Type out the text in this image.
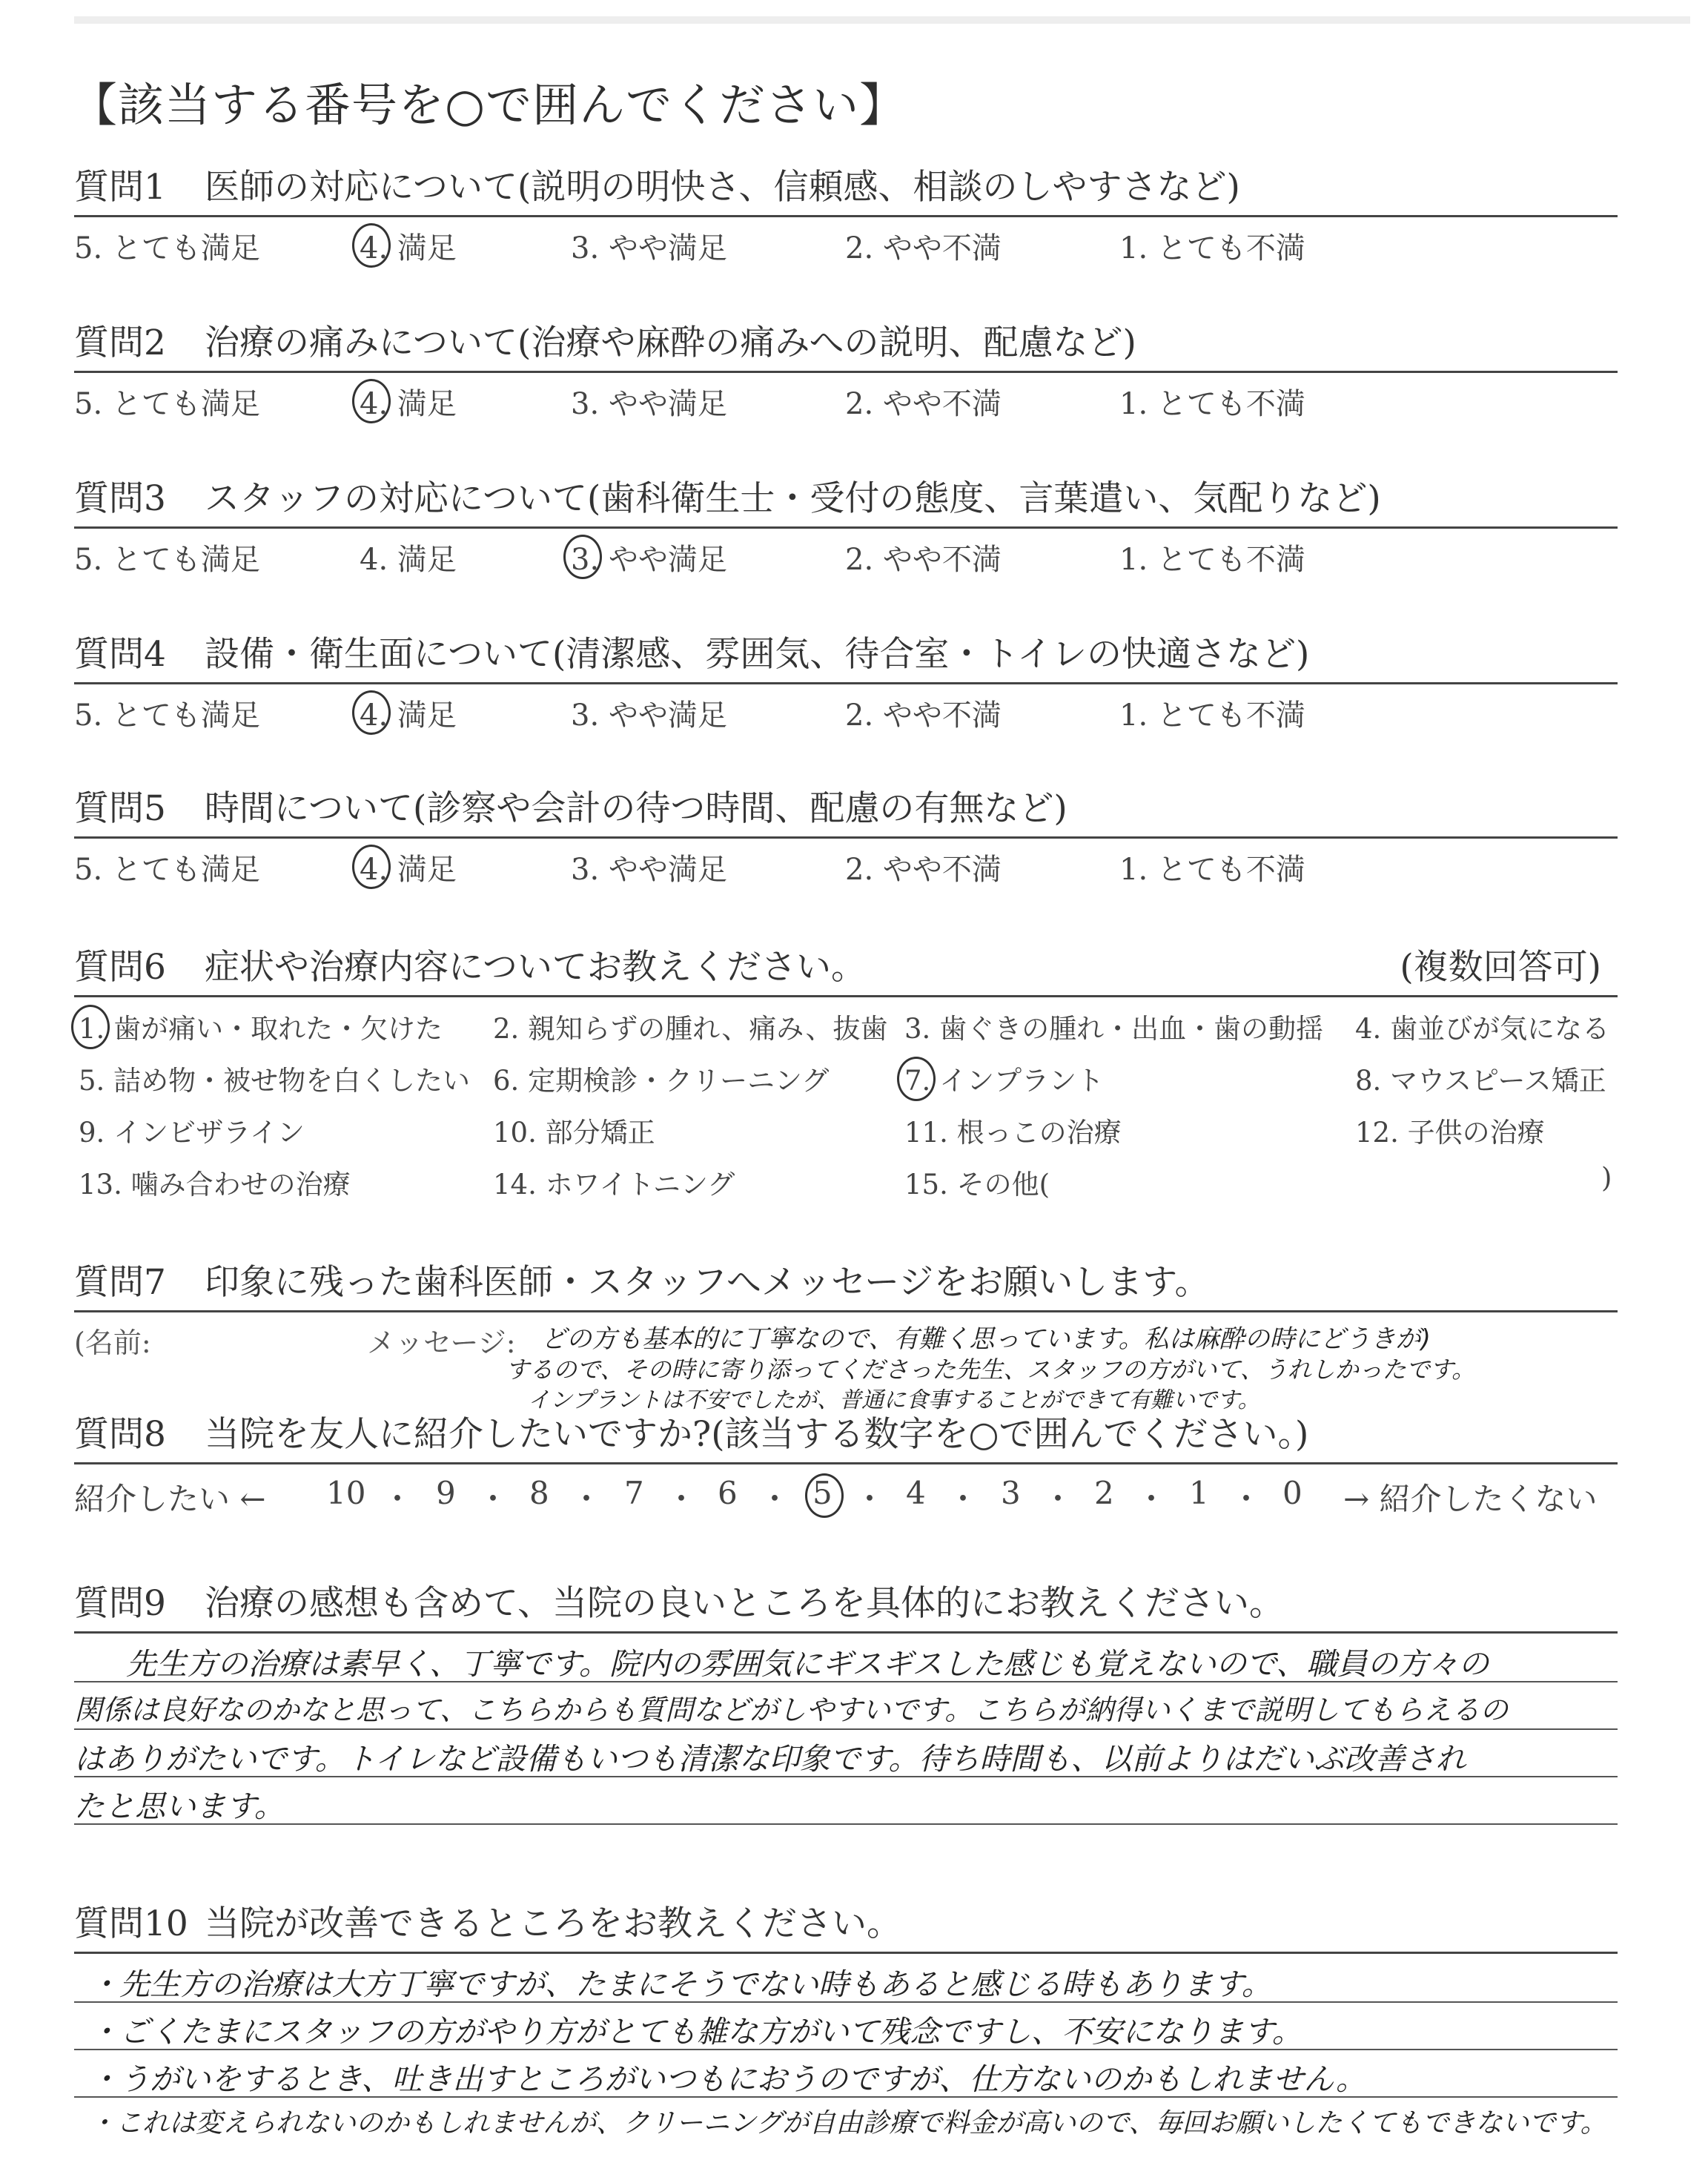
【該当する番号を○で囲んでください】
質問1 医師の対応について(説明の明快さ、信頼感、相談のしやすさなど)
5. とても満足	4. 満足	3. やや満足	2. やや不満	1. とても不満
質問2 治療の痛みについて(治療や麻酔の痛みへの説明、配慮など)
5. とても満足	4. 満足	3. やや満足	2. やや不満	1. とても不満
質問3 スタッフの対応について(歯科衛生士・受付の態度、言葉遣い、気配りなど)
5. とても満足	4. 満足	3. やや満足	2. やや不満	1. とても不満
質問4 設備・衛生面について(清潔感、雰囲気、待合室・トイレの快適さなど)
5. とても満足	4. 満足	3. やや満足	2. やや不満	1. とても不満
質問5 時間について(診察や会計の待つ時間、配慮の有無など)
5. とても満足	4. 満足	3. やや満足	2. やや不満	1. とても不満
質問6 症状や治療内容についてお教えください。	(複数回答可)
1. 歯が痛い・取れた・欠けた 2. 親知らずの腫れ、痛み、抜歯 3. 歯ぐきの腫れ・出血・歯の動揺 4. 歯並びが気になる
5. 詰め物・被せ物を白くしたい 6. 定期検診・クリーニング	7. インプラント	8. マウスピース矯正
9. インビザライン	10. 部分矯正	11. 根っこの治療	12. 子供の治療
13. 噛み合わせの治療	14. ホワイトニング	15. その他(	)
質問7 印象に残った歯科医師・スタッフへメッセージをお願いします。
(名前:	メッセージ: どの方も基本的に丁寧なので、有難く思っています。私は麻酔の時にどうきが)
するので、その時に寄り添ってくださった先生、スタッフの方がいて、うれしかったです。
インプラントは不安でしたが、普通に食事することができて有難いです。
質問8 当院を友人に紹介したいですか?(該当する数字を○で囲んでください。)
紹介したい ← 10 ・ 9 ・ 8 ・ 7 ・ 6 ・ 5 ・ 4 ・ 3 ・ 2 ・ 1 ・ 0 → 紹介したくない
質問9 治療の感想も含めて、当院の良いところを具体的にお教えください。
先生方の治療は素早く、丁寧です。院内の雰囲気にギスギスした感じも覚えないので、職員の方々の
関係は良好なのかなと思って、こちらからも質問などがしやすいです。こちらが納得いくまで説明してもらえるの
はありがたいです。トイレなど設備もいつも清潔な印象です。待ち時間も、以前よりはだいぶ改善され
たと思います。
質問10 当院が改善できるところをお教えください。
・先生方の治療は大方丁寧ですが、たまにそうでない時もあると感じる時もあります。
・ごくたまにスタッフの方がやり方がとても雑な方がいて残念ですし、不安になります。
・うがいをするとき、吐き出すところがいつもにおうのですが、仕方ないのかもしれません。
・これは変えられないのかもしれませんが、クリーニングが自由診療で料金が高いので、毎回お願いしたくてもできないです。
